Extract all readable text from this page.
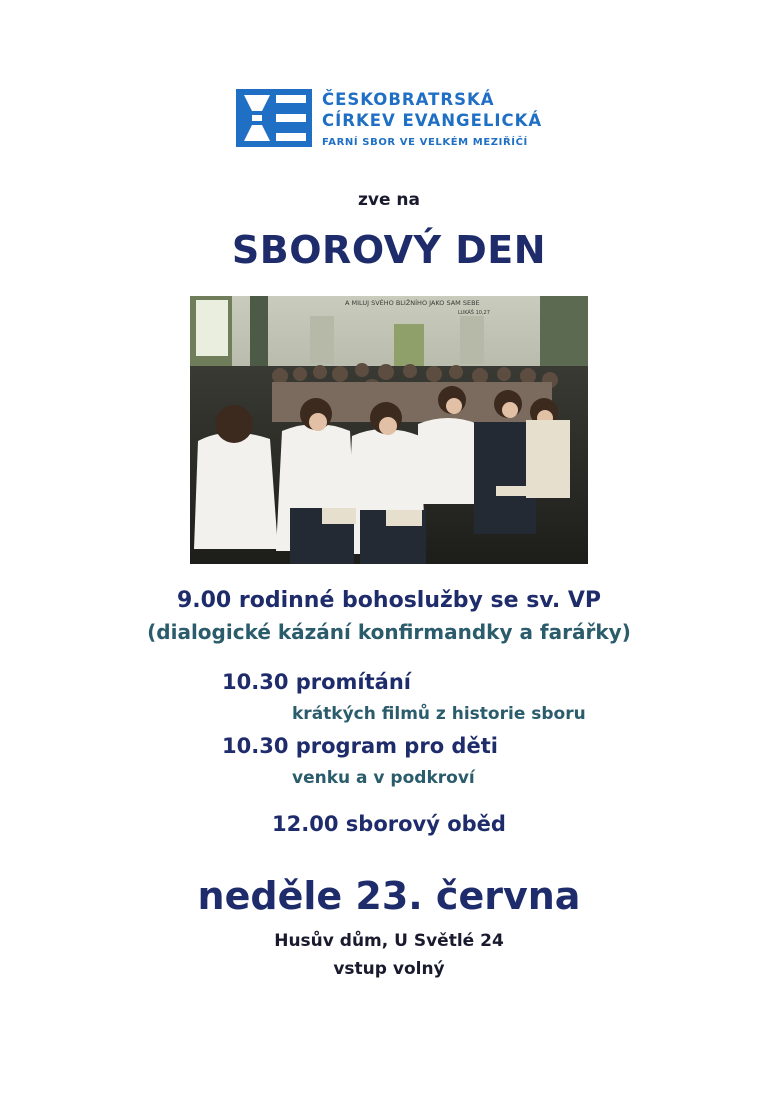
ČESKOBRATRSKÁ
CÍRKEV EVANGELICKÁ
FARNÍ SBOR VE VELKÉM MEZIŘÍČÍ
zve na
SBOROVÝ DEN
A MILUJ SVÉHO BLIŽNÍHO JAKO SAM SEBE
LUKÁŠ 10,27
9.00 rodinné bohoslužby se sv. VP
(dialogické kázání konfirmandky a farářky)
10.30 promítání
krátkých filmů z historie sboru
10.30 program pro děti
venku a v podkroví
12.00 sborový oběd
neděle 23. června
Husův dům, U Světlé 24
vstup volný
